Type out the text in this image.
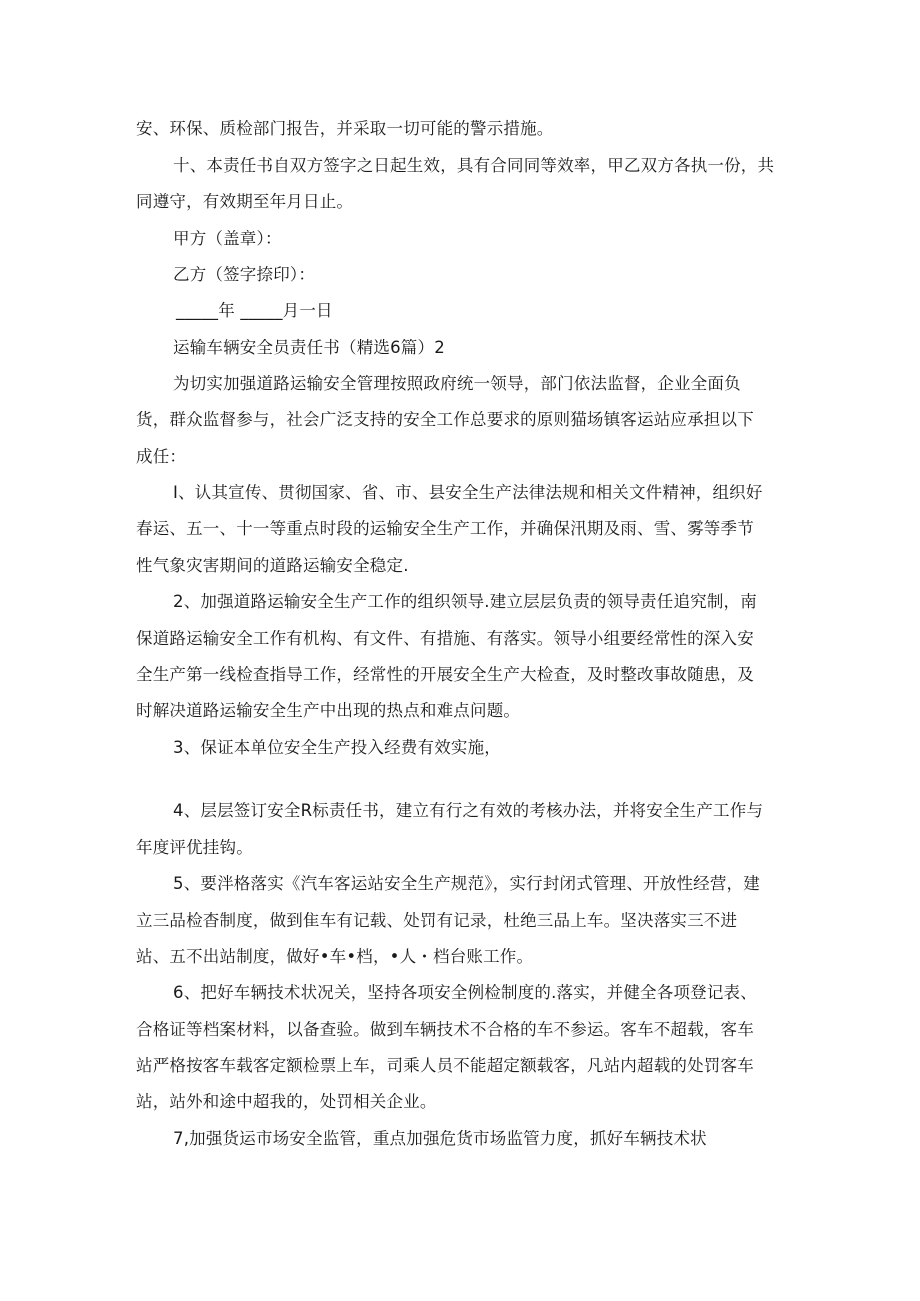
安、环保、质检部门报告，并采取一切可能的警示措施。
十、本责任书自双方签字之日起生效，具有合同同等效率，甲乙双方各执一份，共
同遵守，有效期至年月日止。
甲方（盖章）：
乙方（签字捺印）：
_____年 _____月一日
运输车辆安全员责任书（精选6篇）2
为切实加强道路运输安全管理按照政府统一领导，部门依法监督，企业全面负
货，群众监督参与，社会广泛支持的安全工作总要求的原则猫场镇客运站应承担以下
成任：
I、认其宣传、贯彻国家、省、市、县安全生产法律法规和相关文件精神，组织好
春运、五一、十一等重点时段的运输安全生产工作，并确保汛期及雨、雪、雾等季节
性气象灾害期间的道路运输安全稳定.
2、加强道路运输安全生产工作的组织领导.建立层层负责的领导责任追究制，南
保道路运输安全工作有机构、有文件、有措施、有落实。领导小组要经常性的深入安
全生产第一线检查指导工作，经常性的开展安全生产大检查，及时整改事故随患，及
时解决道路运输安全生产中出现的热点和难点问题。
3、保证本单位安全生产投入经费有效实施，
4、层层签订安全R标责任书，建立有行之有效的考核办法，并将安全生产工作与
年度评优挂钩。
5、要泮格落实《汽车客运站安全生产规范》，实行封闭式管理、开放性经营，建
立三品检杳制度，做到隹车有记载、处罚有记录，杜绝三品上车。坚决落实三不进
站、五不出站制度，做好•车•档，•人・档台账工作。
6、把好车辆技术状况关，坚持各项安全例检制度的.落实，并健全各项登记表、
合格证等档案材料，以备查验。做到车辆技术不合格的车不参运。客车不超载，客车
站严格按客车载客定额检票上车，司乘人员不能超定额载客，凡站内超载的处罚客车
站，站外和途中超我的，处罚相关企业。
7,加强货运市场安全监管，重点加强危货市场监管力度，抓好车辆技术状
